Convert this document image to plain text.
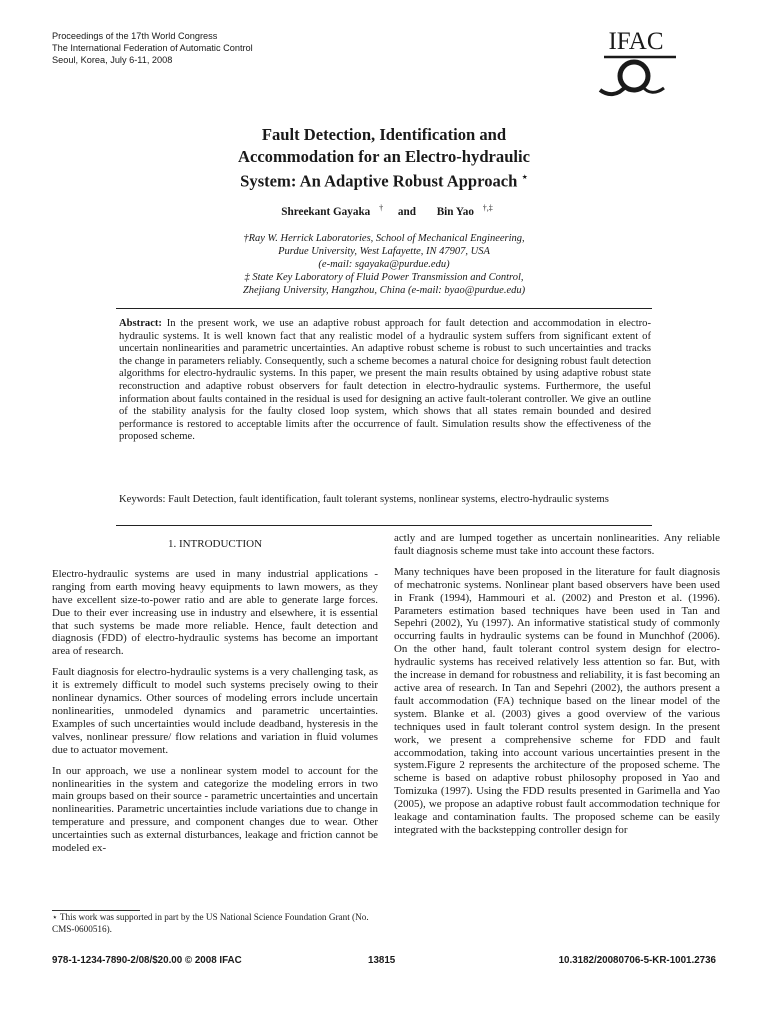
Proceedings of the 17th World Congress
The International Federation of Automatic Control
Seoul, Korea, July 6-11, 2008
IFAC
Fault Detection, Identification and
Accommodation for an Electro-hydraulic
System: An Adaptive Robust Approach ⋆
Shreekant Gayaka † and Bin Yao †,‡
†Ray W. Herrick Laboratories, School of Mechanical Engineering,
Purdue University, West Lafayette, IN 47907, USA
(e-mail: sgayaka@purdue.edu)
‡ State Key Laboratory of Fluid Power Transmission and Control,
Zhejiang University, Hangzhou, China (e-mail: byao@purdue.edu)
Abstract: In the present work, we use an adaptive robust approach for fault detection and accommodation in electro-hydraulic systems. It is well known fact that any realistic model of a hydraulic system suffers from significant extent of uncertain nonlinearities and parametric uncertainties. An adaptive robust scheme is robust to such uncertainties and tracks the change in parameters reliably. Consequently, such a scheme becomes a natural choice for designing robust fault detection algorithms for electro-hydraulic systems. In this paper, we present the main results obtained by using adaptive robust state reconstruction and adaptive robust observers for fault detection in electro-hydraulic systems. Furthermore, the useful information about faults contained in the residual is used for designing an active fault-tolerant controller. We give an outline of the stability analysis for the faulty closed loop system, which shows that all states remain bounded and desired performance is restored to acceptable limits after the occurrence of fault. Simulation results show the effectiveness of the proposed scheme.
Keywords: Fault Detection, fault identification, fault tolerant systems, nonlinear systems, electro-hydraulic systems
1. INTRODUCTION

Electro-hydraulic systems are used in many industrial applications - ranging from earth moving heavy equipments to lawn mowers, as they have excellent size-to-power ratio and are able to generate large forces. Due to their ever increasing use in industry and elsewhere, it is essential that such systems be made more reliable. Hence, fault detection and diagnosis (FDD) of electro-hydraulic systems has become an important area of research.

Fault diagnosis for electro-hydraulic systems is a very challenging task, as it is extremely difficult to model such systems precisely owing to their nonlinear dynamics. Other sources of modeling errors include uncertain nonlinearities, unmodeled dynamics and parametric uncertainties. Examples of such uncertainties would include deadband, hysteresis in the valves, nonlinear pressure/ flow relations and variation in fluid volumes due to actuator movement.

In our approach, we use a nonlinear system model to account for the nonlinearities in the system and categorize the modeling errors in two main groups based on their source - parametric uncertainties and uncertain nonlinearities. Parametric uncertainties include variations due to change in temperature and pressure, and component changes due to wear. Other uncertainties such as external disturbances, leakage and friction cannot be modeled ex-

⋆ This work was supported in part by the US National Science Foundation Grant (No. CMS-0600516).

actly and are lumped together as uncertain nonlinearities. Any reliable fault diagnosis scheme must take into account these factors.

Many techniques have been proposed in the literature for fault diagnosis of mechatronic systems. Nonlinear plant based observers have been used in Frank (1994), Hammouri et al. (2002) and Preston et al. (1996). Parameters estimation based techniques have been used in Tan and Sepehri (2002), Yu (1997). An informative statistical study of commonly occurring faults in hydraulic systems can be found in Munchhof (2006). On the other hand, fault tolerant control system design for electro-hydraulic systems has received relatively less attention so far. But, with the increase in demand for robustness and reliability, it is fast becoming an active area of research. In Tan and Sepehri (2002), the authors present a fault accommodation (FA) technique based on the linear model of the system. Blanke et al. (2003) gives a good overview of the various techniques used in fault tolerant control system design. In the present work, we present a comprehensive scheme for FDD and fault accommodation, taking into account various uncertainties present in the system.Figure 2 represents the architecture of the proposed scheme. The scheme is based on adaptive robust philosophy proposed in Yao and Tomizuka (1997). Using the FDD results presented in Garimella and Yao (2005), we propose an adaptive robust fault accommodation technique for leakage and contamination faults. The proposed scheme can be easily integrated with the backstepping controller design for

978-1-1234-7890-2/08/$20.00 © 2008 IFAC	13815	10.3182/20080706-5-KR-1001.2736
